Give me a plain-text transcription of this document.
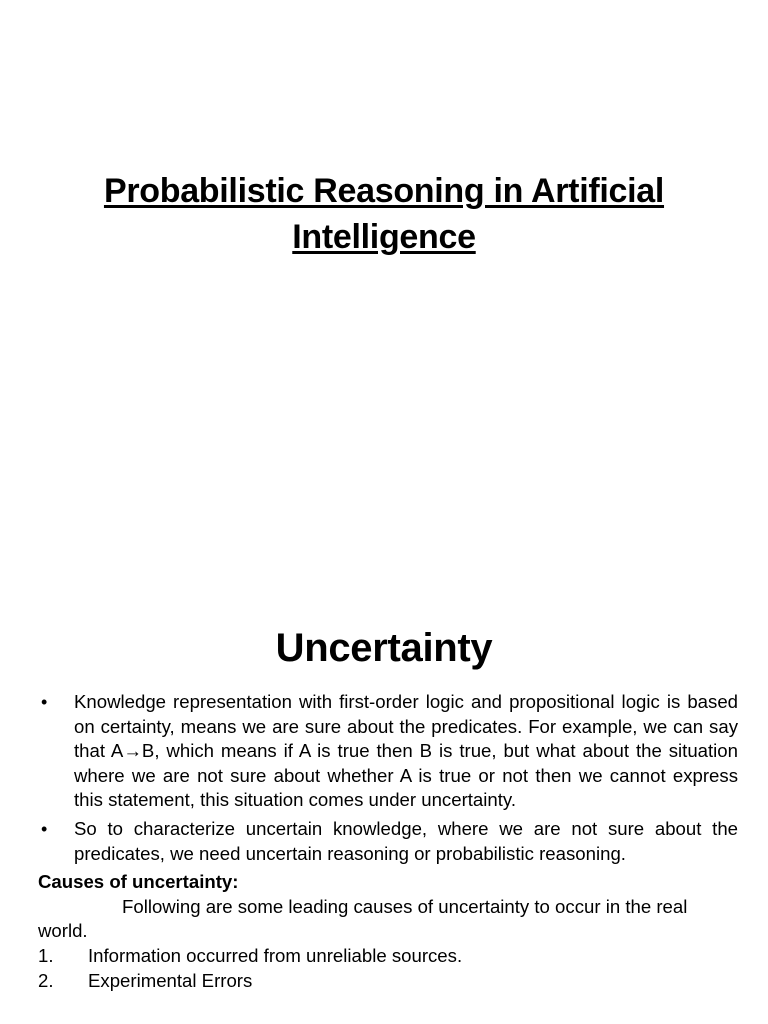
Probabilistic Reasoning in Artificial Intelligence
Uncertainty
• Knowledge representation with first-order logic and propositional logic is based on certainty, means we are sure about the predicates. For example, we can say that A→B, which means if A is true then B is true, but what about the situation where we are not sure about whether A is true or not then we cannot express this statement, this situation comes under uncertainty.
• So to characterize uncertain knowledge, where we are not sure about the predicates, we need uncertain reasoning or probabilistic reasoning.
Causes of uncertainty:

Following are some leading causes of uncertainty to occur in the real world.

1. Information occurred from unreliable sources.
2. Experimental Errors
